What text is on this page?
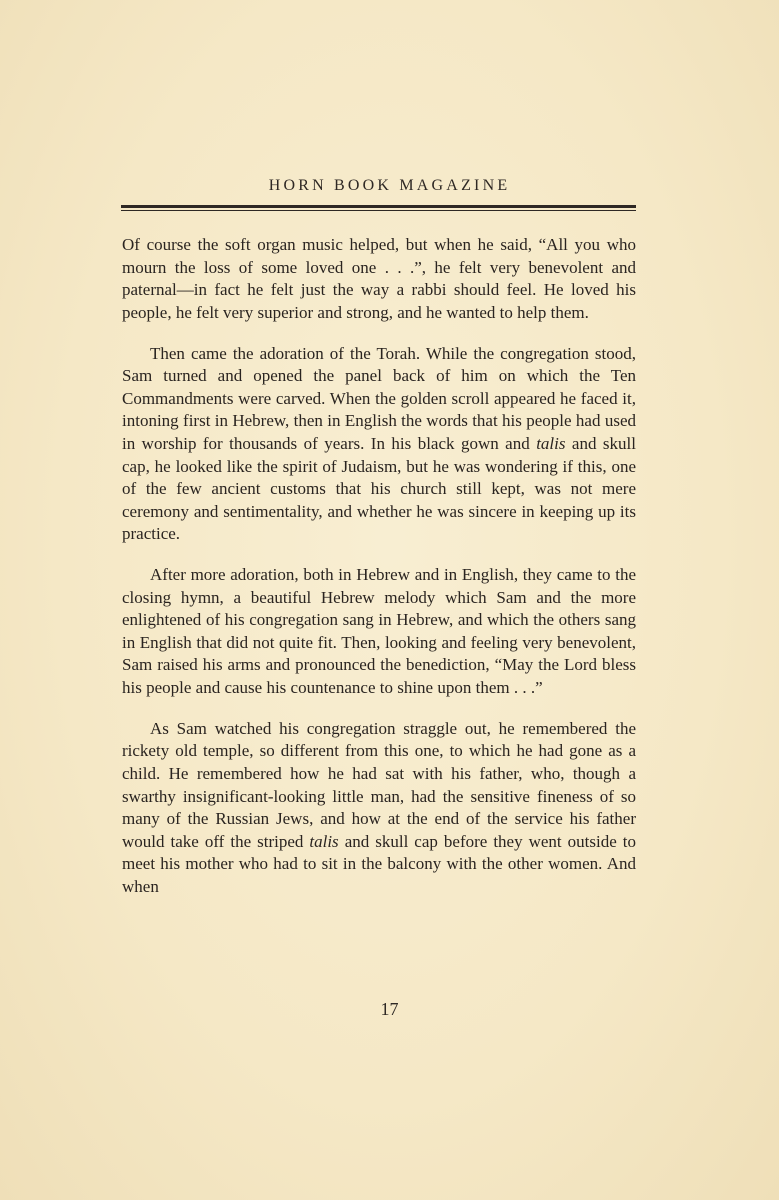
HORN BOOK MAGAZINE

Of course the soft organ music helped, but when he said, “All you who mourn the loss of some loved one . . .”, he felt very benevolent and paternal—in fact he felt just the way a rabbi should feel. He loved his people, he felt very superior and strong, and he wanted to help them.

Then came the adoration of the Torah. While the congregation stood, Sam turned and opened the panel back of him on which the Ten Commandments were carved. When the golden scroll appeared he faced it, intoning first in Hebrew, then in English the words that his people had used in worship for thousands of years. In his black gown and talis and skull cap, he looked like the spirit of Judaism, but he was wondering if this, one of the few ancient customs that his church still kept, was not mere ceremony and sentimentality, and whether he was sincere in keeping up its practice.

After more adoration, both in Hebrew and in English, they came to the closing hymn, a beautiful Hebrew melody which Sam and the more enlightened of his congregation sang in Hebrew, and which the others sang in English that did not quite fit. Then, looking and feeling very benevolent, Sam raised his arms and pronounced the benediction, “May the Lord bless his people and cause his countenance to shine upon them . . .”

As Sam watched his congregation straggle out, he remembered the rickety old temple, so different from this one, to which he had gone as a child. He remembered how he had sat with his father, who, though a swarthy insignificant-looking little man, had the sensitive fineness of so many of the Russian Jews, and how at the end of the service his father would take off the striped talis and skull cap before they went outside to meet his mother who had to sit in the balcony with the other women. And when

17
